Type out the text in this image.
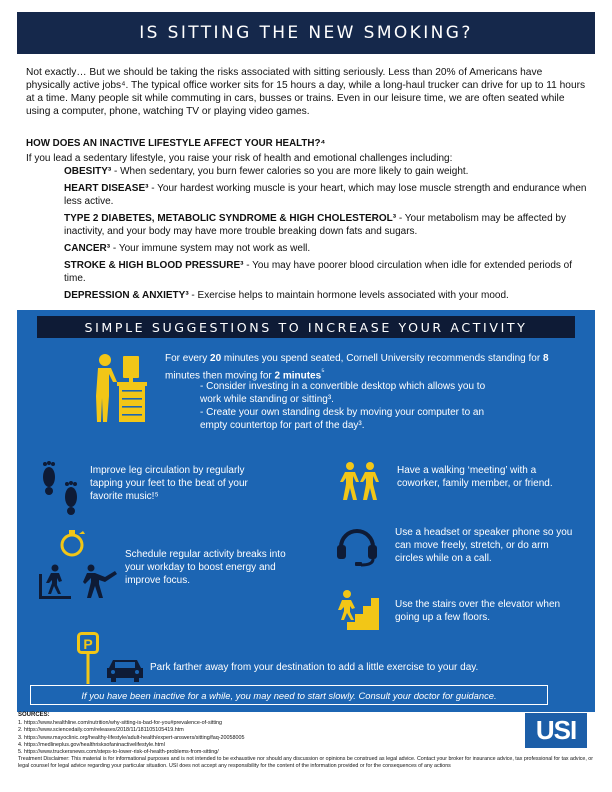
IS SITTING THE NEW SMOKING?

Not exactly… But we should be taking the risks associated with sitting seriously. Less than 20% of Americans have physically active jobs⁴. The typical office worker sits for 15 hours a day, while a long-haul trucker can drive for up to 11 hours at a time. Many people sit while commuting in cars, busses or trains. Even in our leisure time, we are often seated while using a computer, phone, watching TV or playing video games.

HOW DOES AN INACTIVE LIFESTYLE AFFECT YOUR HEALTH?⁴
If you lead a sedentary lifestyle, you raise your risk of health and emotional challenges including:
OBESITY³ - When sedentary, you burn fewer calories so you are more likely to gain weight.
HEART DISEASE³ - Your hardest working muscle is your heart, which may lose muscle strength and endurance when less active.
TYPE 2 DIABETES, METABOLIC SYNDROME & HIGH CHOLESTEROL³ - Your metabolism may be affected by inactivity, and your body may have more trouble breaking down fats and sugars.
CANCER³ - Your immune system may not work as well.
STROKE & HIGH BLOOD PRESSURE³ - You may have poorer blood circulation when idle for extended periods of time.
DEPRESSION & ANXIETY³ - Exercise helps to maintain hormone levels associated with your mood.
SIMPLE SUGGESTIONS TO INCREASE YOUR ACTIVITY
For every 20 minutes you spend seated, Cornell University recommends standing for 8 minutes then moving for 2 minutes$^{^5}$
- Consider investing in a convertible desktop which allows you to work while standing or sitting³.
- Create your own standing desk by moving your computer to an empty countertop for part of the day³.
Improve leg circulation by regularly tapping your feet to the beat of your favorite music!⁵
Have a walking ‘meeting’ with a coworker, family member, or friend.
Schedule regular activity breaks into your workday to boost energy and improve focus.
Use a headset or speaker phone so you can move freely, stretch, or do arm circles while on a call.
Use the stairs over the elevator when going up a few floors.
P
Park farther away from your destination to add a little exercise to your day.
If you have been inactive for a while, you may need to start slowly. Consult your doctor for guidance.
SOURCES:
1. https://www.healthline.com/nutrition/why-sitting-is-bad-for-you#prevalence-of-sitting
2. https://www.sciencedaily.com/releases/2018/11/181105105419.htm
3. https://www.mayoclinic.org/healthy-lifestyle/adult-health/expert-answers/sitting/faq-20058005
4. https://medlineplus.gov/healthrisksofaninactivelifestyle.html
5. https://www.truckersnews.com/steps-to-lower-risk-of-health-problems-from-sitting/
USI

Treatment Disclaimer: This material is for informational purposes and is not intended to be exhaustive nor should any discussion or opinions be construed as legal advice. Contact your broker for insurance advice, tax professional for tax advice, or legal counsel for legal advice regarding your particular situation. USI does not accept any responsibility for the content of the information provided or for the consequences of any actions
